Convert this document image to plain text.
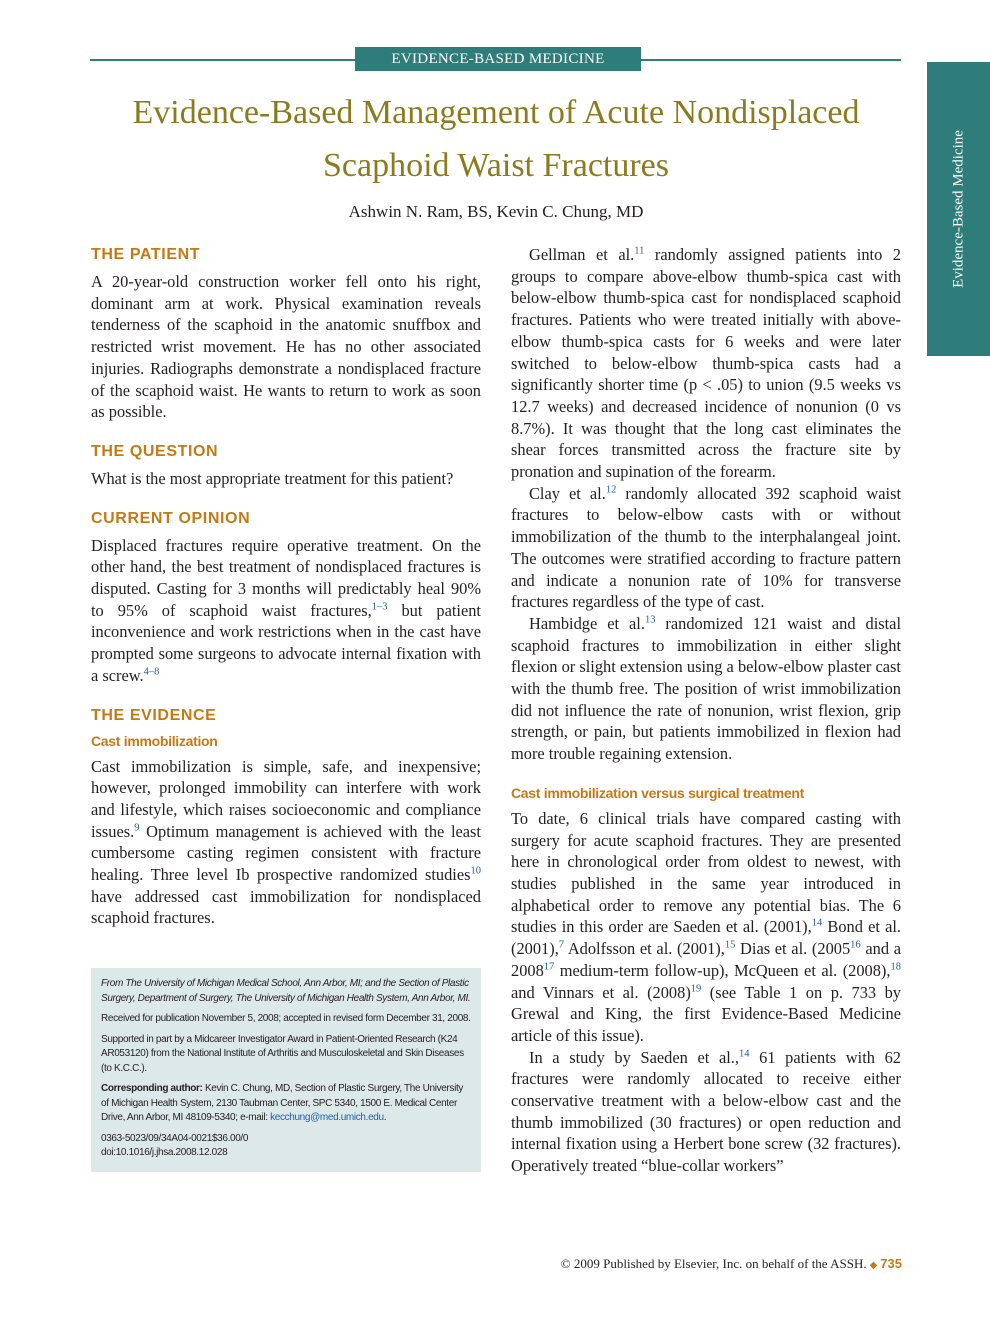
EVIDENCE-BASED MEDICINE
Evidence-Based Medicine
Evidence-Based Management of Acute Nondisplaced Scaphoid Waist Fractures
Ashwin N. Ram, BS, Kevin C. Chung, MD
THE PATIENT

A 20-year-old construction worker fell onto his right, dominant arm at work. Physical examination reveals tenderness of the scaphoid in the anatomic snuffbox and restricted wrist movement. He has no other associated injuries. Radiographs demonstrate a nondisplaced fracture of the scaphoid waist. He wants to return to work as soon as possible.

THE QUESTION

What is the most appropriate treatment for this patient?

CURRENT OPINION

Displaced fractures require operative treatment. On the other hand, the best treatment of nondisplaced fractures is disputed. Casting for 3 months will predictably heal 90% to 95% of scaphoid waist fractures,$^{1-3}$ but patient inconvenience and work restrictions when in the cast have prompted some surgeons to advocate internal fixation with a screw.$^{4-8}$

THE EVIDENCE
Cast immobilization

Cast immobilization is simple, safe, and inexpensive; however, prolonged immobility can interfere with work and lifestyle, which raises socioeconomic and compliance issues.$^9$ Optimum management is achieved with the least cumbersome casting regimen consistent with fracture healing. Three level Ib prospective randomized studies$^{10}$ have addressed cast immobilization for nondisplaced scaphoid fractures.

From The University of Michigan Medical School, Ann Arbor, MI; and the Section of Plastic Surgery, Department of Surgery, The University of Michigan Health System, Ann Arbor, MI.

Received for publication November 5, 2008; accepted in revised form December 31, 2008.

Supported in part by a Midcareer Investigator Award in Patient-Oriented Research (K24 AR053120) from the National Institute of Arthritis and Musculoskeletal and Skin Diseases (to K.C.C.).

Corresponding author: Kevin C. Chung, MD, Section of Plastic Surgery, The University of Michigan Health System, 2130 Taubman Center, SPC 5340, 1500 E. Medical Center Drive, Ann Arbor, MI 48109-5340; e-mail: kecchung@med.umich.edu.

0363-5023/09/34A04-0021$36.00/0
doi:10.1016/j.jhsa.2008.12.028

Gellman et al.$^{11}$ randomly assigned patients into 2 groups to compare above-elbow thumb-spica cast with below-elbow thumb-spica cast for nondisplaced scaphoid fractures. Patients who were treated initially with above-elbow thumb-spica casts for 6 weeks and were later switched to below-elbow thumb-spica casts had a significantly shorter time (p < .05) to union (9.5 weeks vs 12.7 weeks) and decreased incidence of nonunion (0 vs 8.7%). It was thought that the long cast eliminates the shear forces transmitted across the fracture site by pronation and supination of the forearm.

Clay et al.$^{12}$ randomly allocated 392 scaphoid waist fractures to below-elbow casts with or without immobilization of the thumb to the interphalangeal joint. The outcomes were stratified according to fracture pattern and indicate a nonunion rate of 10% for transverse fractures regardless of the type of cast.

Hambidge et al.$^{13}$ randomized 121 waist and distal scaphoid fractures to immobilization in either slight flexion or slight extension using a below-elbow plaster cast with the thumb free. The position of wrist immobilization did not influence the rate of nonunion, wrist flexion, grip strength, or pain, but patients immobilized in flexion had more trouble regaining extension.

Cast immobilization versus surgical treatment

To date, 6 clinical trials have compared casting with surgery for acute scaphoid fractures. They are presented here in chronological order from oldest to newest, with studies published in the same year introduced in alphabetical order to remove any potential bias. The 6 studies in this order are Saeden et al. (2001),$^{14}$ Bond et al. (2001),$^7$ Adolfsson et al. (2001),$^{15}$ Dias et al. (2005$^{16}$ and a 2008$^{17}$ medium-term follow-up), McQueen et al. (2008),$^{18}$ and Vinnars et al. $(2008)^{19}$ (see Table 1 on p. 733 by Grewal and King, the first Evidence-Based Medicine article of this issue).

In a study by Saeden et al.,$^{14}$ 61 patients with 62 fractures were randomly allocated to receive either conservative treatment with a below-elbow cast and the thumb immobilized (30 fractures) or open reduction and internal fixation using a Herbert bone screw (32 fractures). Operatively treated “blue-collar workers”

© 2009 Published by Elsevier, Inc. on behalf of the ASSH. ◆ 735
